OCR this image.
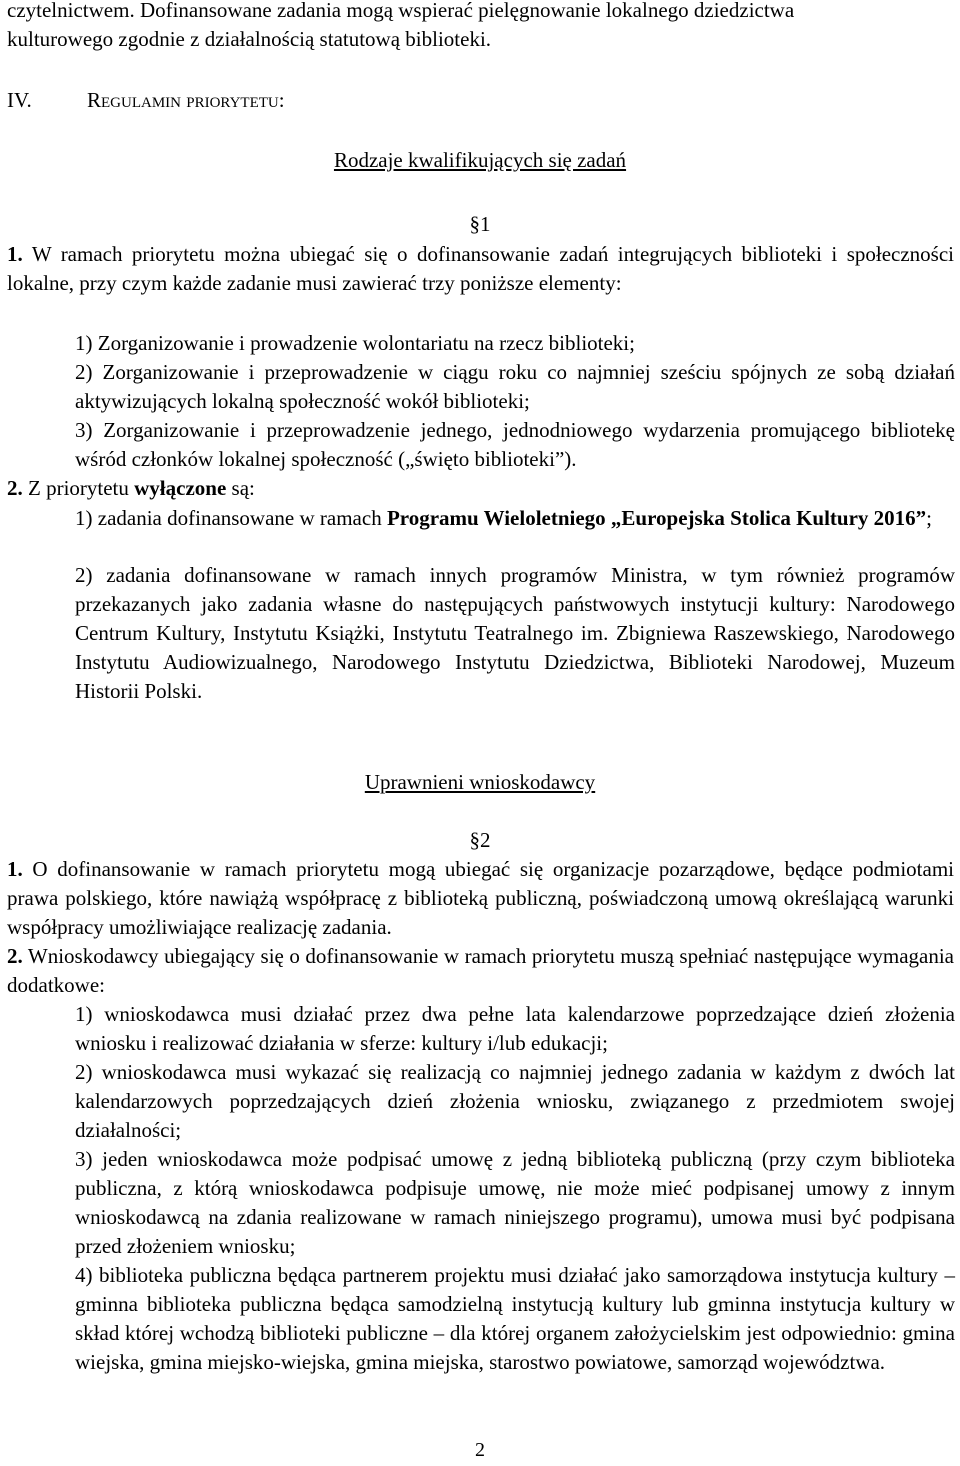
czytelnictwem. Dofinansowane zadania mogą wspierać pielęgnowanie lokalnego dziedzictwa
kulturowego zgodnie z działalnością statutową biblioteki.
IV.	Regulamin priorytetu:
Rodzaje kwalifikujących się zadań
§1
1. W ramach priorytetu można ubiegać się o dofinansowanie zadań integrujących biblioteki i społeczności lokalne, przy czym każde zadanie musi zawierać trzy poniższe elementy:
1) Zorganizowanie i prowadzenie wolontariatu na rzecz biblioteki;
2) Zorganizowanie i przeprowadzenie w ciągu roku co najmniej sześciu spójnych ze sobą działań aktywizujących lokalną społeczność wokół biblioteki;
3) Zorganizowanie i przeprowadzenie jednego, jednodniowego wydarzenia promującego bibliotekę wśród członków lokalnej społeczność („święto biblioteki”).
2. Z priorytetu wyłączone są:
1) zadania dofinansowane w ramach Programu Wieloletniego „Europejska Stolica Kultury 2016”;
2) zadania dofinansowane w ramach innych programów Ministra, w tym również programów przekazanych jako zadania własne do następujących państwowych instytucji kultury: Narodowego Centrum Kultury, Instytutu Książki, Instytutu Teatralnego im. Zbigniewa Raszewskiego, Narodowego Instytutu Audiowizualnego, Narodowego Instytutu Dziedzictwa, Biblioteki Narodowej, Muzeum Historii Polski.
Uprawnieni wnioskodawcy
§2
1. O dofinansowanie w ramach priorytetu mogą ubiegać się organizacje pozarządowe, będące podmiotami prawa polskiego, które nawiążą współpracę z biblioteką publiczną, poświadczoną umową określającą warunki współpracy umożliwiające realizację zadania.
2. Wnioskodawcy ubiegający się o dofinansowanie w ramach priorytetu muszą spełniać następujące wymagania dodatkowe:
1) wnioskodawca musi działać przez dwa pełne lata kalendarzowe poprzedzające dzień złożenia wniosku i realizować działania w sferze: kultury i/lub edukacji;
2) wnioskodawca musi wykazać się realizacją co najmniej jednego zadania w każdym z dwóch lat kalendarzowych poprzedzających dzień złożenia wniosku, związanego z przedmiotem swojej działalności;
3) jeden wnioskodawca może podpisać umowę z jedną biblioteką publiczną (przy czym biblioteka publiczna, z którą wnioskodawca podpisuje umowę, nie może mieć podpisanej umowy z innym wnioskodawcą na zdania realizowane w ramach niniejszego programu), umowa musi być podpisana przed złożeniem wniosku;
4) biblioteka publiczna będąca partnerem projektu musi działać jako samorządowa instytucja kultury – gminna biblioteka publiczna będąca samodzielną instytucją kultury lub gminna instytucja kultury w skład której wchodzą biblioteki publiczne – dla której organem założycielskim jest odpowiednio: gmina wiejska, gmina miejsko-wiejska, gmina miejska, starostwo powiatowe, samorząd województwa.
2
